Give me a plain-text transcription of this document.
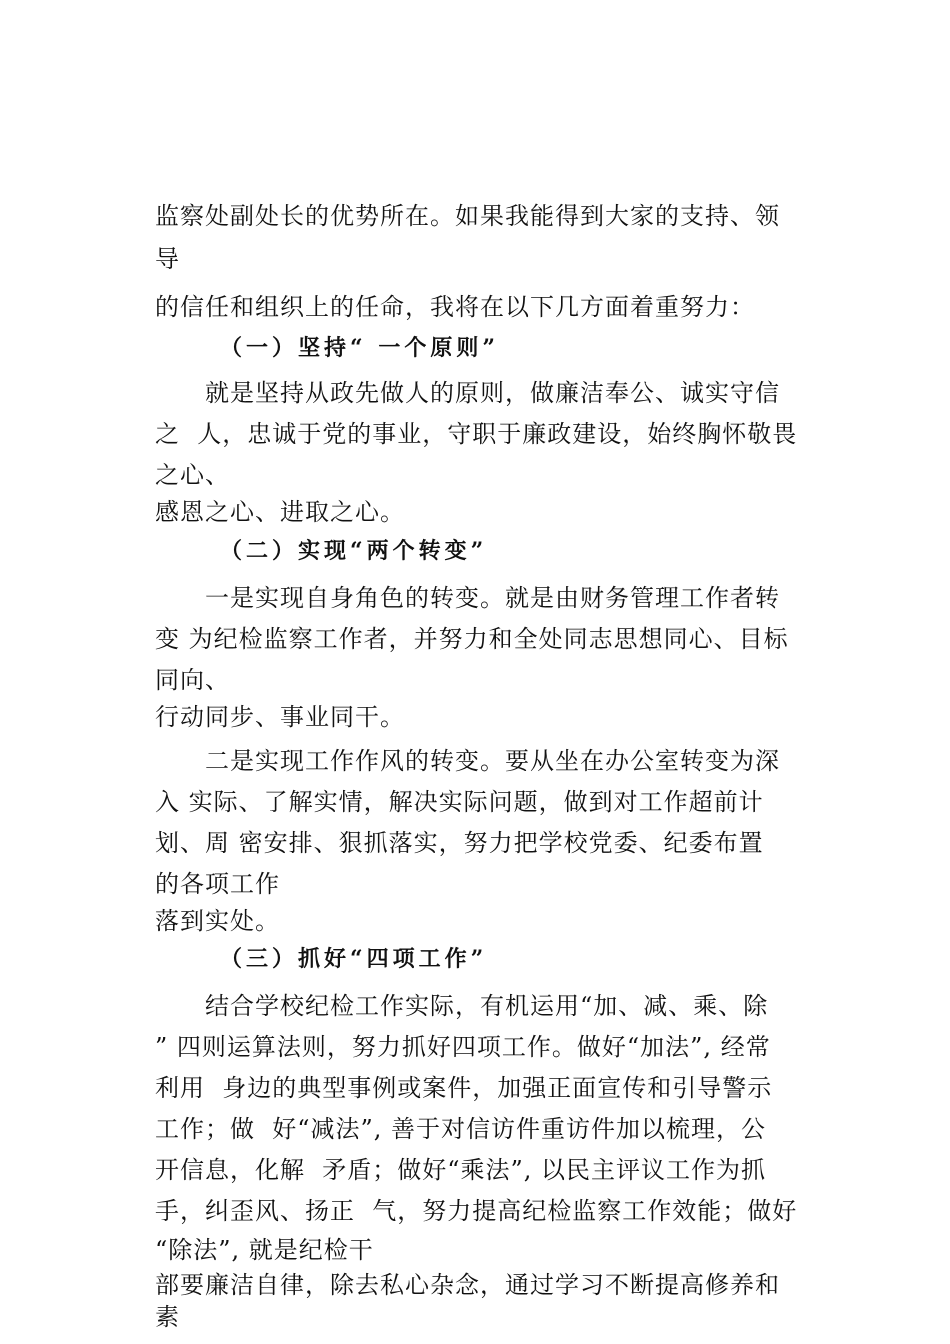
监察处副处长的优势所在。如果我能得到大家的支持、领
导
的信任和组织上的任命，我将在以下几方面着重努力：
（一）坚持“ 一个原则”
就是坚持从政先做人的原则，做廉洁奉公、诚实守信
之  人，忠诚于党的事业，守职于廉政建设，始终胸怀敬畏
之心、
感恩之心、进取之心。
（二）实现“两个转变”
一是实现自身角色的转变。就是由财务管理工作者转
变 为纪检监察工作者，并努力和全处同志思想同心、目标
同向、
行动同步、事业同干。
二是实现工作作风的转变。要从坐在办公室转变为深
入 实际、了解实情，解决实际问题，做到对工作超前计
划、周 密安排、狠抓落实，努力把学校党委、纪委布置
的各项工作
落到实处。
（三）抓好“四项工作”
结合学校纪检工作实际，有机运用“加、减、乘、除
” 四则运算法则，努力抓好四项工作。做好“加法”, 经常
利用  身边的典型事例或案件，加强正面宣传和引导警示
工作；做  好“减法”, 善于对信访件重访件加以梳理，公
开信息，化解  矛盾；做好“乘法”, 以民主评议工作为抓
手，纠歪风、扬正  气，努力提高纪检监察工作效能；做好
“除法”, 就是纪检干
部要廉洁自律，除去私心杂念，通过学习不断提高修养和
素
